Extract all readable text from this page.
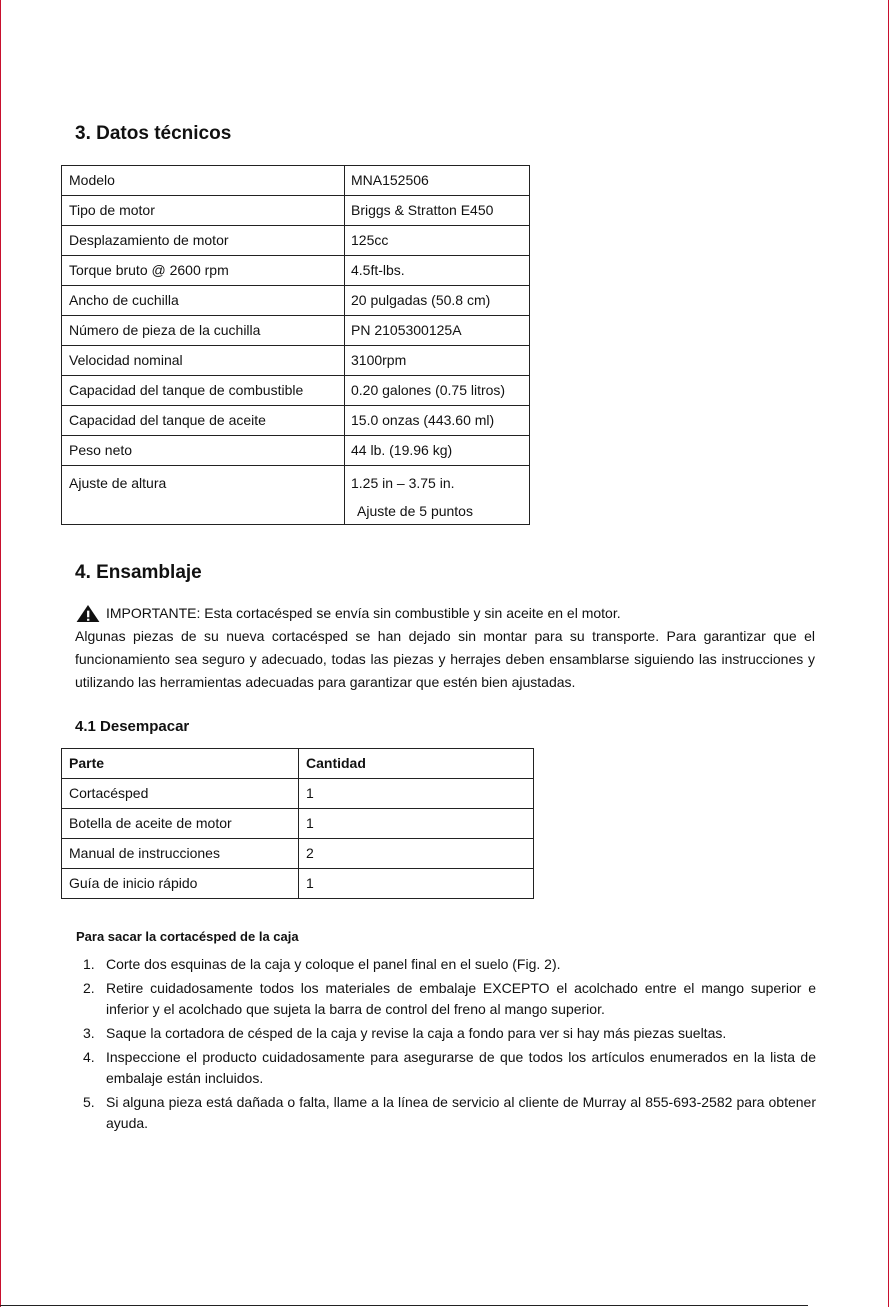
3. Datos técnicos
Modelo	MNA152506
Tipo de motor	Briggs & Stratton E450
Desplazamiento de motor	125cc
Torque bruto @ 2600 rpm	4.5ft-lbs.
Ancho de cuchilla	20 pulgadas (50.8 cm)
Número de pieza de la cuchilla	PN 2105300125A
Velocidad nominal	3100rpm
Capacidad del tanque de combustible	0.20 galones (0.75 litros)
Capacidad del tanque de aceite	15.0 onzas (443.60 ml)
Peso neto	44 lb. (19.96 kg)

Ajuste de altura	1.25 in – 3.75 in.
Ajuste de 5 puntos
4. Ensamblaje
IMPORTANTE: Esta cortacésped se envía sin combustible y sin aceite en el motor.

Algunas piezas de su nueva cortacésped se han dejado sin montar para su transporte. Para garantizar que el funcionamiento sea seguro y adecuado, todas las piezas y herrajes deben ensamblarse siguiendo las instrucciones y utilizando las herramientas adecuadas para garantizar que estén bien ajustadas.

4.1 Desempacar
Parte	Cantidad
Cortacésped	1
Botella de aceite de motor	1
Manual de instrucciones	2
Guía de inicio rápido	1
Para sacar la cortacésped de la caja
1. Corte dos esquinas de la caja y coloque el panel final en el suelo (Fig. 2).
2. Retire cuidadosamente todos los materiales de embalaje EXCEPTO el acolchado entre el mango superior e inferior y el acolchado que sujeta la barra de control del freno al mango superior.
3. Saque la cortadora de césped de la caja y revise la caja a fondo para ver si hay más piezas sueltas.
4. Inspeccione el producto cuidadosamente para asegurarse de que todos los artículos enumerados en la lista de embalaje están incluidos.
5. Si alguna pieza está dañada o falta, llame a la línea de servicio al cliente de Murray al 855-693-2582 para obtener ayuda.
